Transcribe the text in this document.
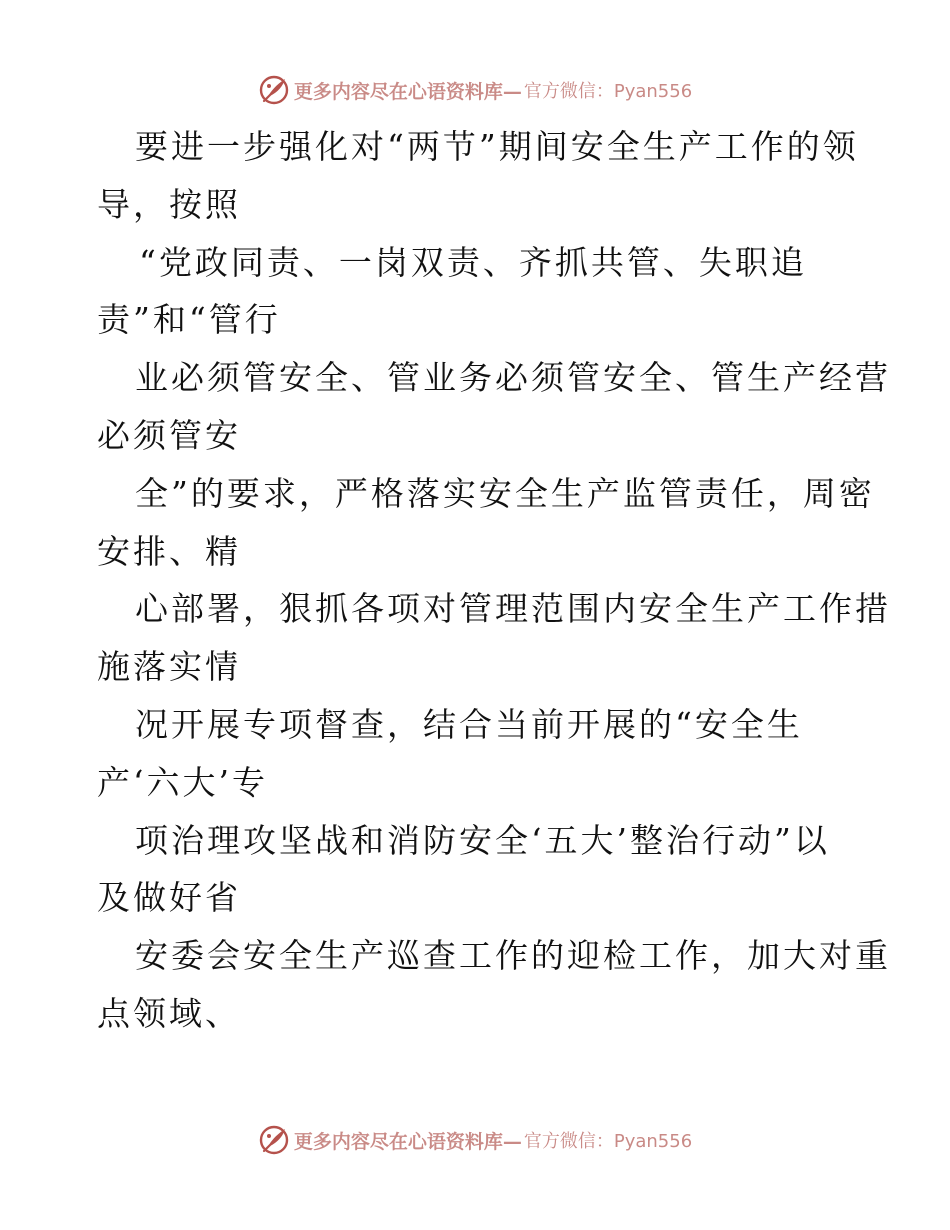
更多内容尽在心语资料库— 官方微信：Pyan556
要进一步强化对“两节”期间安全生产工作的领
导，按照
“党政同责、一岗双责、齐抓共管、失职追
责”和“管行
业必须管安全、管业务必须管安全、管生产经营
必须管安
全”的要求，严格落实安全生产监管责任，周密
安排、精
心部署，狠抓各项对管理范围内安全生产工作措
施落实情
况开展专项督查，结合当前开展的“安全生
产‘六大’专
项治理攻坚战和消防安全‘五大’整治行动”以
及做好省
安委会安全生产巡查工作的迎检工作，加大对重
点领域、
更多内容尽在心语资料库— 官方微信：Pyan556
